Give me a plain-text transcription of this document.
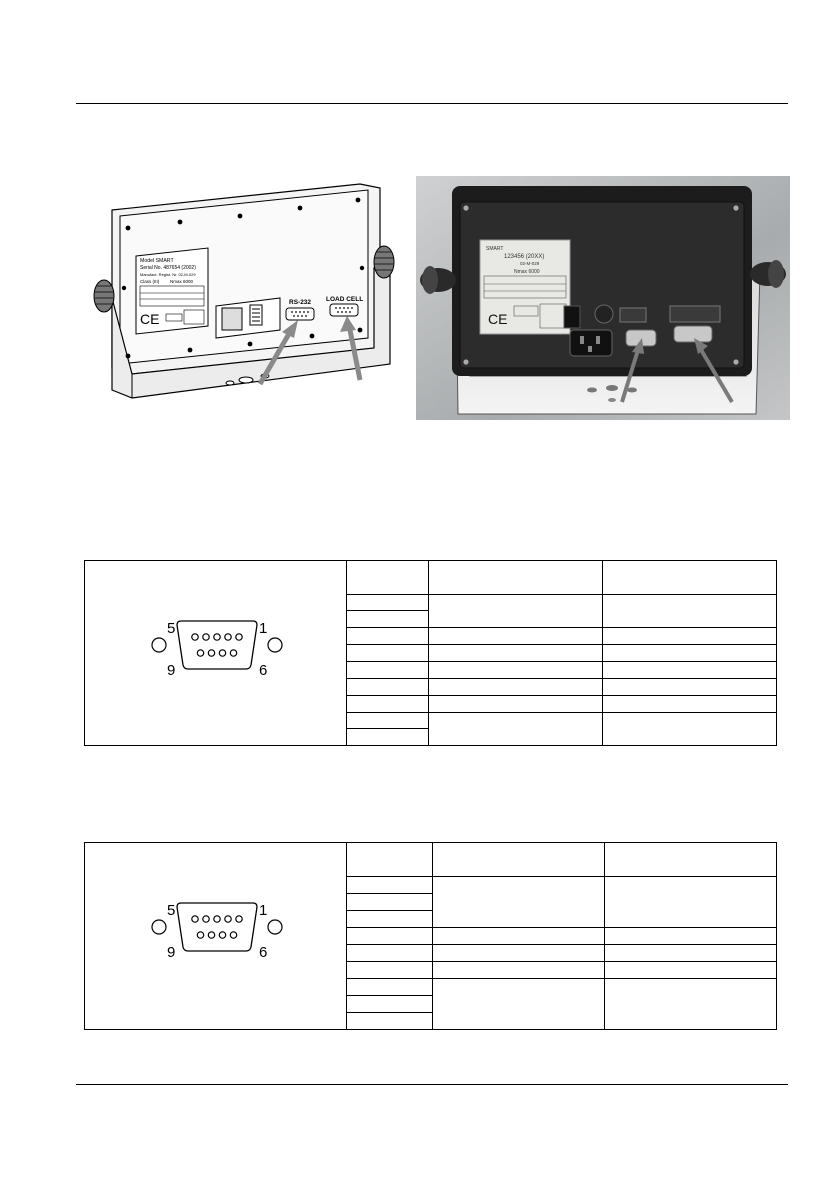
Model SMART
Serial No. 487654 (2002)
Manufact. Regist. Nr. 02-M-029
Class (III) Nmax 6000
CE
RS-232 LOAD CELL
SMART
123456 (20XX)
02-M-029
Nmax 6000
CE
5 1
9 6			

5 1
9 6			
